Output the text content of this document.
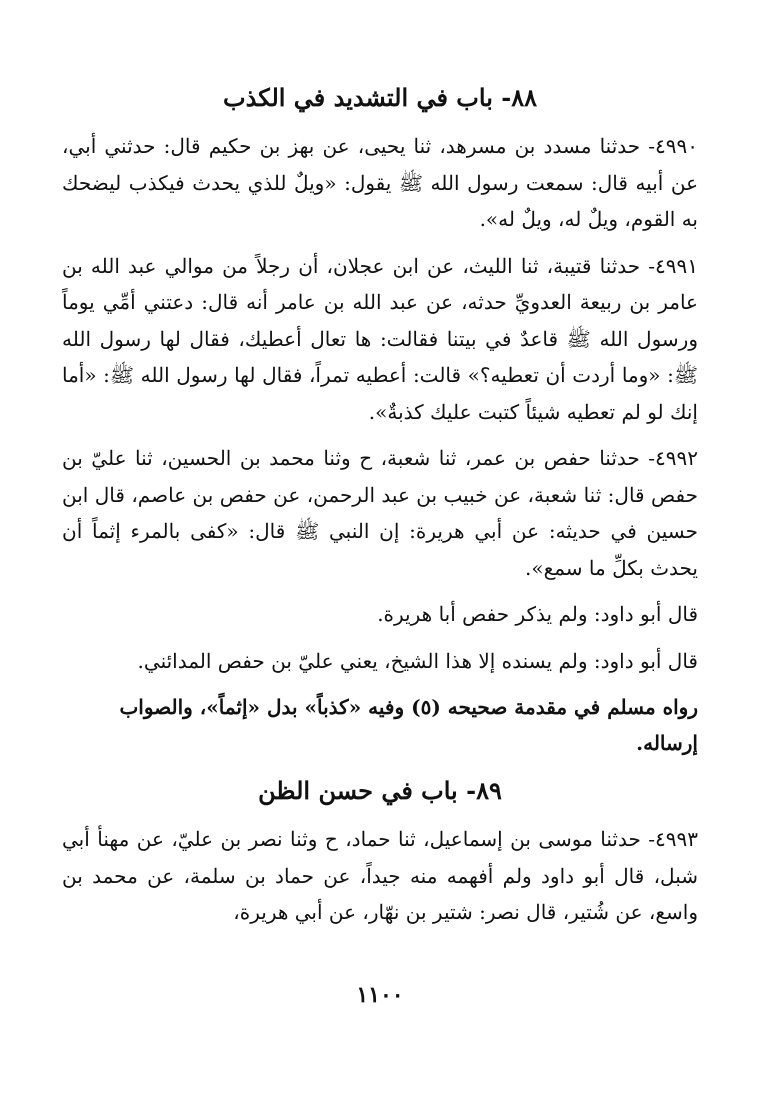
٨٨- باب في التشديد في الكذب

٤٩٩٠- حدثنا مسدد بن مسرهد، ثنا يحيى، عن بهز بن حكيم قال: حدثني أبي، عن أبيه قال: سمعت رسول الله ﷺ يقول: «ويلٌ للذي يحدث فيكذب ليضحك به القوم، ويلٌ له، ويلٌ له».

٤٩٩١- حدثنا قتيبة، ثنا الليث، عن ابن عجلان، أن رجلاً من موالي عبد الله بن عامر بن ربيعة العدويِّ حدثه، عن عبد الله بن عامر أنه قال: دعتني أمِّي يوماً ورسول الله ﷺ قاعدٌ في بيتنا فقالت: ها تعال أعطيك، فقال لها رسول الله ﷺ: «وما أردت أن تعطيه؟» قالت: أعطيه تمراً، فقال لها رسول الله ﷺ: «أما إنك لو لم تعطيه شيئاً كتبت عليك كذبةٌ».

٤٩٩٢- حدثنا حفص بن عمر، ثنا شعبة، ح وثنا محمد بن الحسين، ثنا عليّ بن حفص قال: ثنا شعبة، عن خبيب بن عبد الرحمن، عن حفص بن عاصم، قال ابن حسين في حديثه: عن أبي هريرة: إن النبي ﷺ قال: «كفى بالمرء إثماً أن يحدث بكلِّ ما سمع».

قال أبو داود: ولم يذكر حفص أبا هريرة.

قال أبو داود: ولم يسنده إلا هذا الشيخ، يعني عليّ بن حفص المدائني.

رواه مسلم في مقدمة صحيحه (٥) وفيه «كذباً» بدل «إثماً»، والصواب إرساله.

٨٩- باب في حسن الظن

٤٩٩٣- حدثنا موسى بن إسماعيل، ثنا حماد، ح وثنا نصر بن عليّ، عن مهنأ أبي شبل، قال أبو داود ولم أفهمه منه جيداً، عن حماد بن سلمة، عن محمد بن واسع، عن شُتير، قال نصر: شتير بن نهّار، عن أبي هريرة،

١١٠٠
